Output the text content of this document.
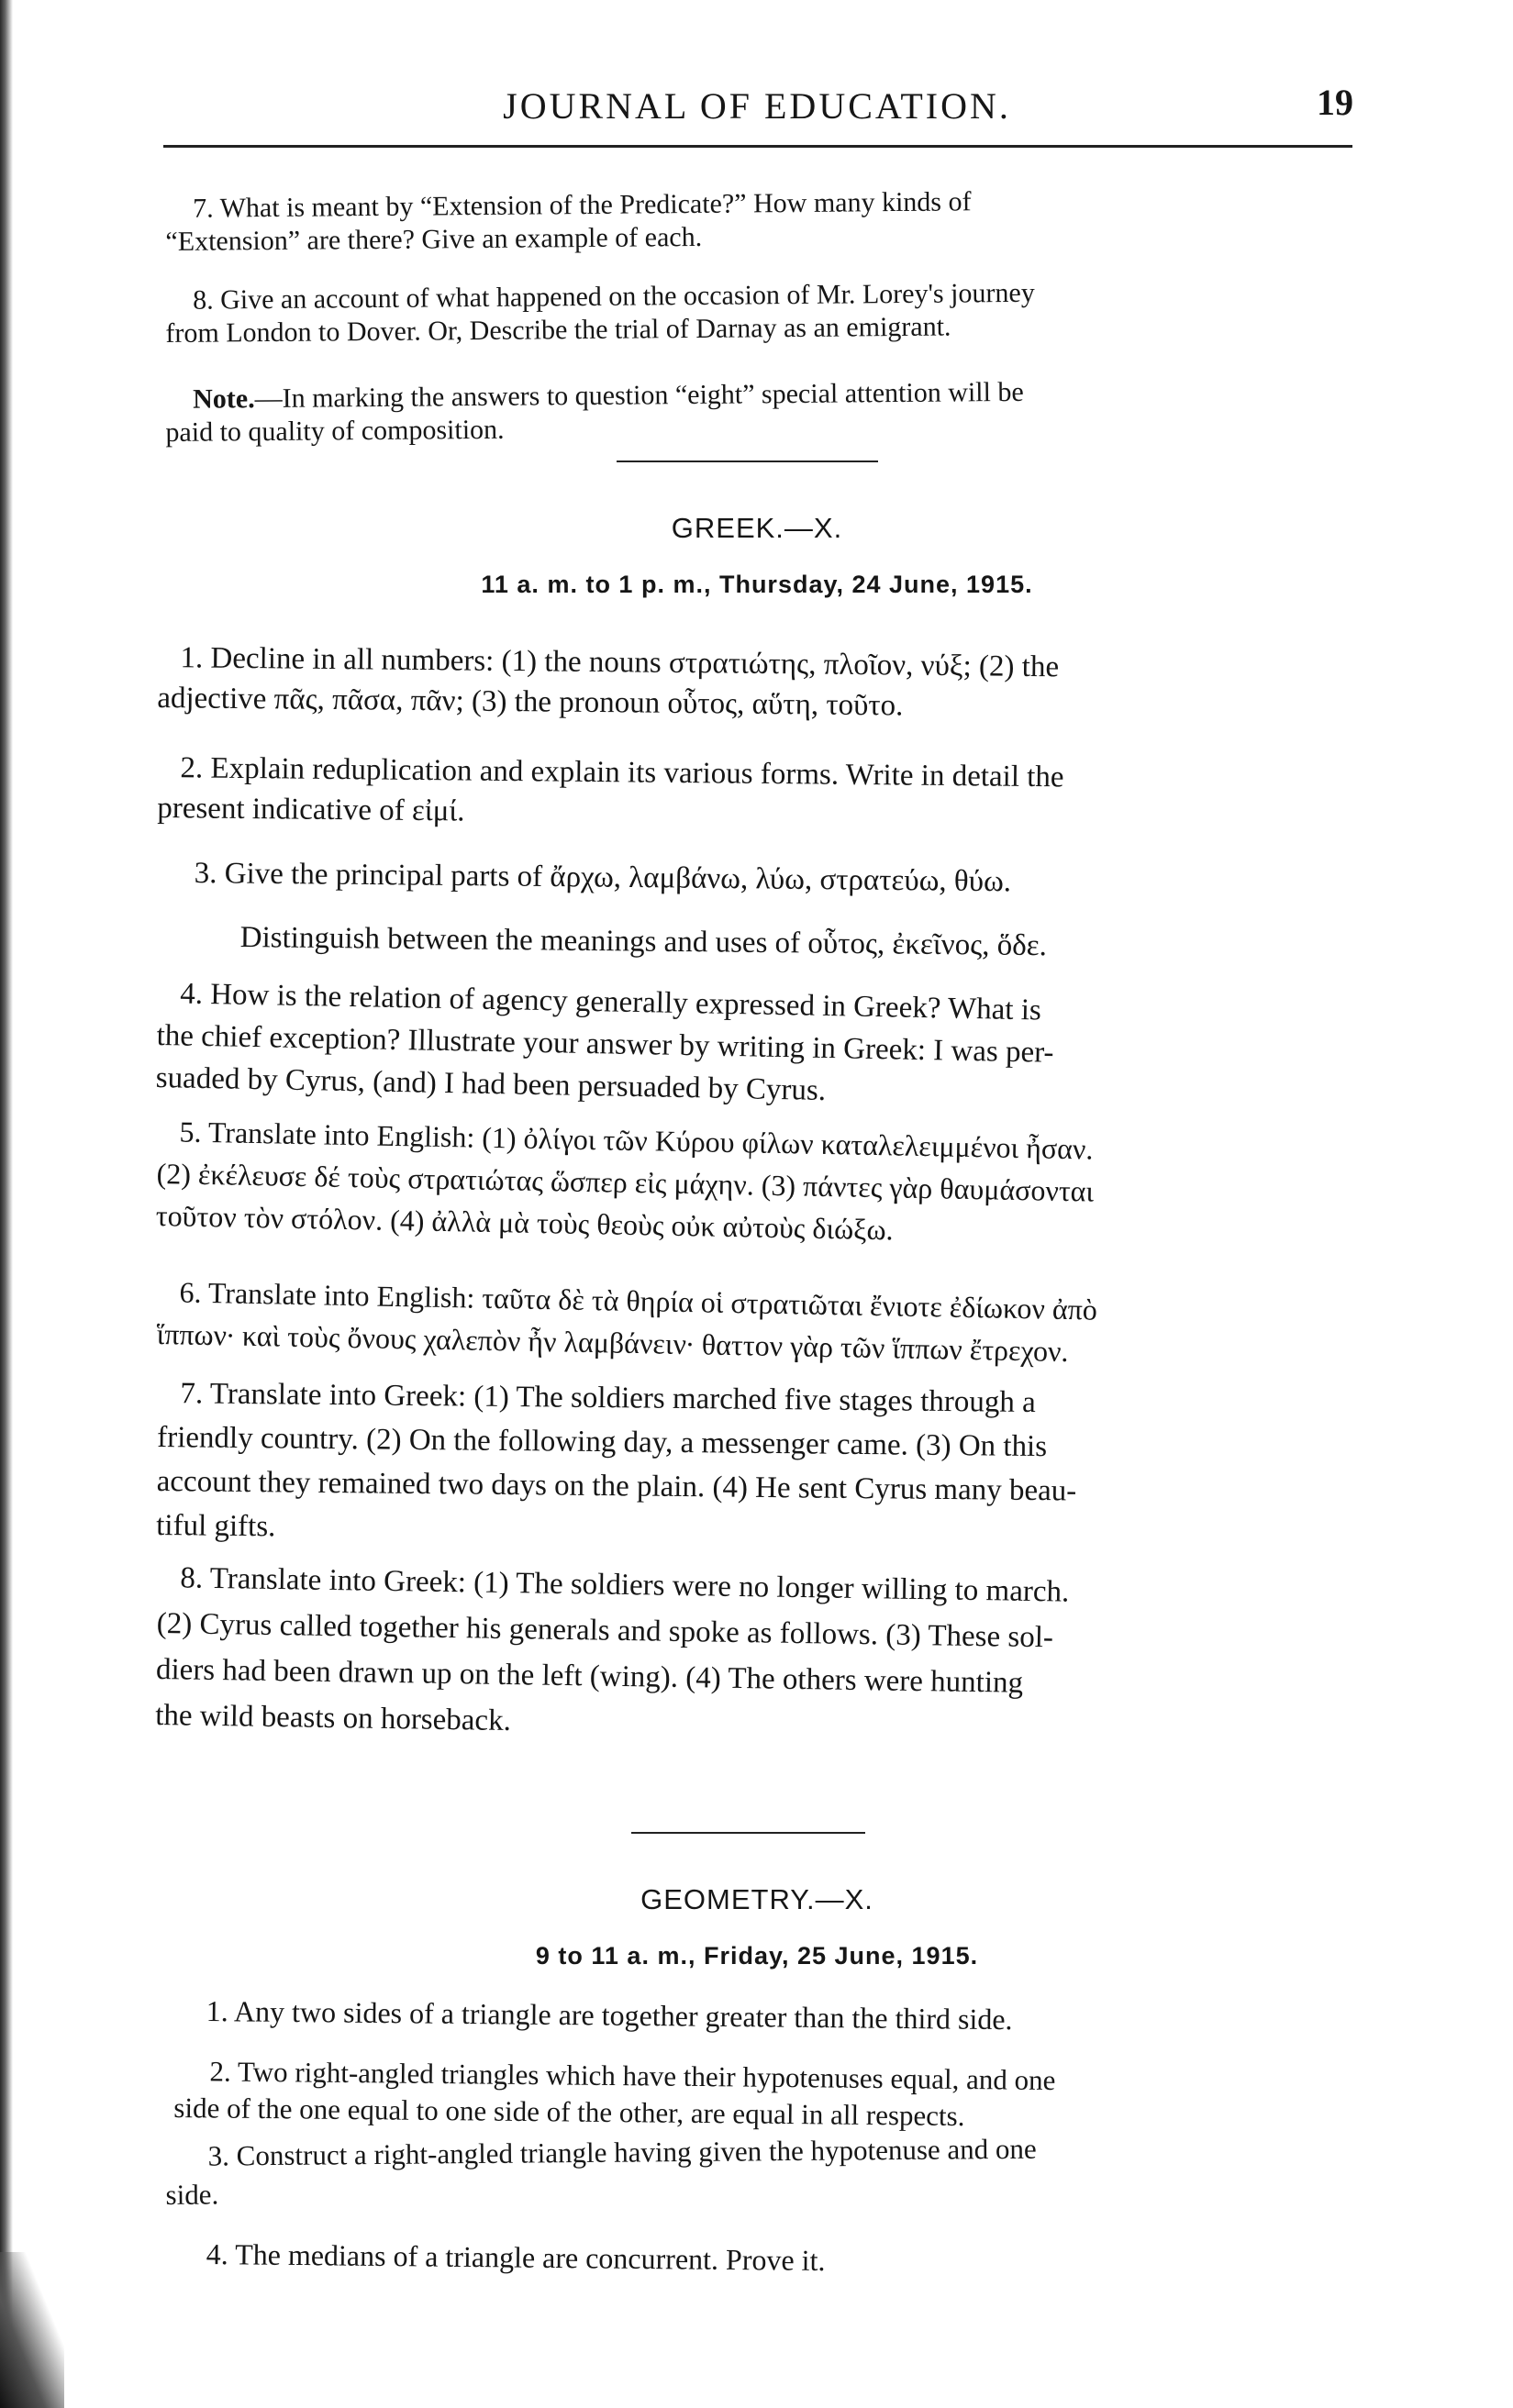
JOURNAL OF EDUCATION.	19
7. What is meant by “Extension of the Predicate?” How many kinds of
“Extension” are there? Give an example of each.
8. Give an account of what happened on the occasion of Mr. Lorey's journey
from London to Dover. Or, Describe the trial of Darnay as an emigrant.
Note.—In marking the answers to question “eight” special attention will be
paid to quality of composition.
GREEK.—X.
11 a. m. to 1 p. m., Thursday, 24 June, 1915.
1. Decline in all numbers: (1) the nouns στρατιώτης, πλοῖον, νύξ; (2) the
adjective πᾶς, πᾶσα, πᾶν; (3) the pronoun οὗτος, αὕτη, τοῦτο.
2. Explain reduplication and explain its various forms. Write in detail the
present indicative of εἰμί.
3. Give the principal parts of ἄρχω, λαμβάνω, λύω, στρατεύω, θύω.
Distinguish between the meanings and uses of οὗτος, ἐκεῖνος, ὅδε.
4. How is the relation of agency generally expressed in Greek? What is
the chief exception? Illustrate your answer by writing in Greek: I was per-
suaded by Cyrus, (and) I had been persuaded by Cyrus.
5. Translate into English: (1) ὀλίγοι τῶν Κύρου φίλων καταλελειμμένοι ἦσαν.
(2) ἐκέλευσε δέ τοὺς στρατιώτας ὥσπερ εἰς μάχην. (3) πάντες γὰρ θαυμάσονται
τοῦτον τὸν στόλον. (4) ἀλλὰ μὰ τοὺς θεοὺς οὐκ αὐτοὺς διώξω.
6. Translate into English: ταῦτα δὲ τὰ θηρία οἱ στρατιῶται ἔνιοτε ἐδίωκον ἀπὸ
ἵππων· καὶ τοὺς ὄνους χαλεπὸν ἦν λαμβάνειν· θαττον γὰρ τῶν ἵππων ἔτρεχον.
7. Translate into Greek: (1) The soldiers marched five stages through a
friendly country. (2) On the following day, a messenger came. (3) On this
account they remained two days on the plain. (4) He sent Cyrus many beau-
tiful gifts.
8. Translate into Greek: (1) The soldiers were no longer willing to march.
(2) Cyrus called together his generals and spoke as follows. (3) These sol-
diers had been drawn up on the left (wing). (4) The others were hunting
the wild beasts on horseback.
GEOMETRY.—X.
9 to 11 a. m., Friday, 25 June, 1915.
1. Any two sides of a triangle are together greater than the third side.
2. Two right-angled triangles which have their hypotenuses equal, and one
side of the one equal to one side of the other, are equal in all respects.
3. Construct a right-angled triangle having given the hypotenuse and one
side.
4. The medians of a triangle are concurrent. Prove it.
